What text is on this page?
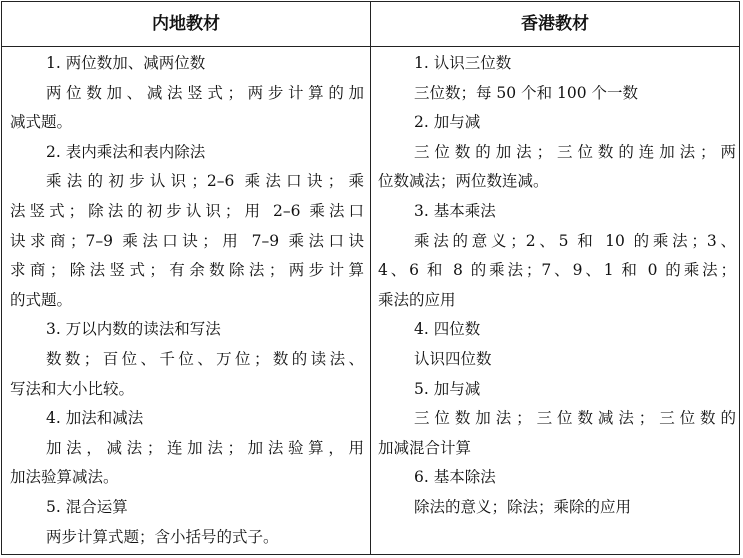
内地教材	香港教材
1. 两位数加、减两位数
两位数加、减法竖式；两步计算的加
减式题。
2. 表内乘法和表内除法
乘法的初步认识；2–6 乘法口诀；乘
法竖式；除法的初步认识；用 2–6 乘法口
诀求商；7–9 乘法口诀；用 7–9 乘法口诀
求商；除法竖式；有余数除法；两步计算
的式题。
3. 万以内数的读法和写法
数数；百位、千位、万位；数的读法、
写法和大小比较。
4. 加法和减法
加法，减法；连加法；加法验算，用
加法验算减法。
5. 混合运算
两步计算式题；含小括号的式子。
1. 认识三位数
三位数；每 50 个和 100 个一数
2. 加与减
三位数的加法；三位数的连加法；两
位数减法；两位数连减。
3. 基本乘法
乘法的意义；2、5 和 10 的乘法；3、
4、6 和 8 的乘法；7、9、1 和 0 的乘法；
乘法的应用
4. 四位数
认识四位数
5. 加与减
三位数加法；三位数减法；三位数的
加减混合计算
6. 基本除法
除法的意义；除法；乘除的应用
